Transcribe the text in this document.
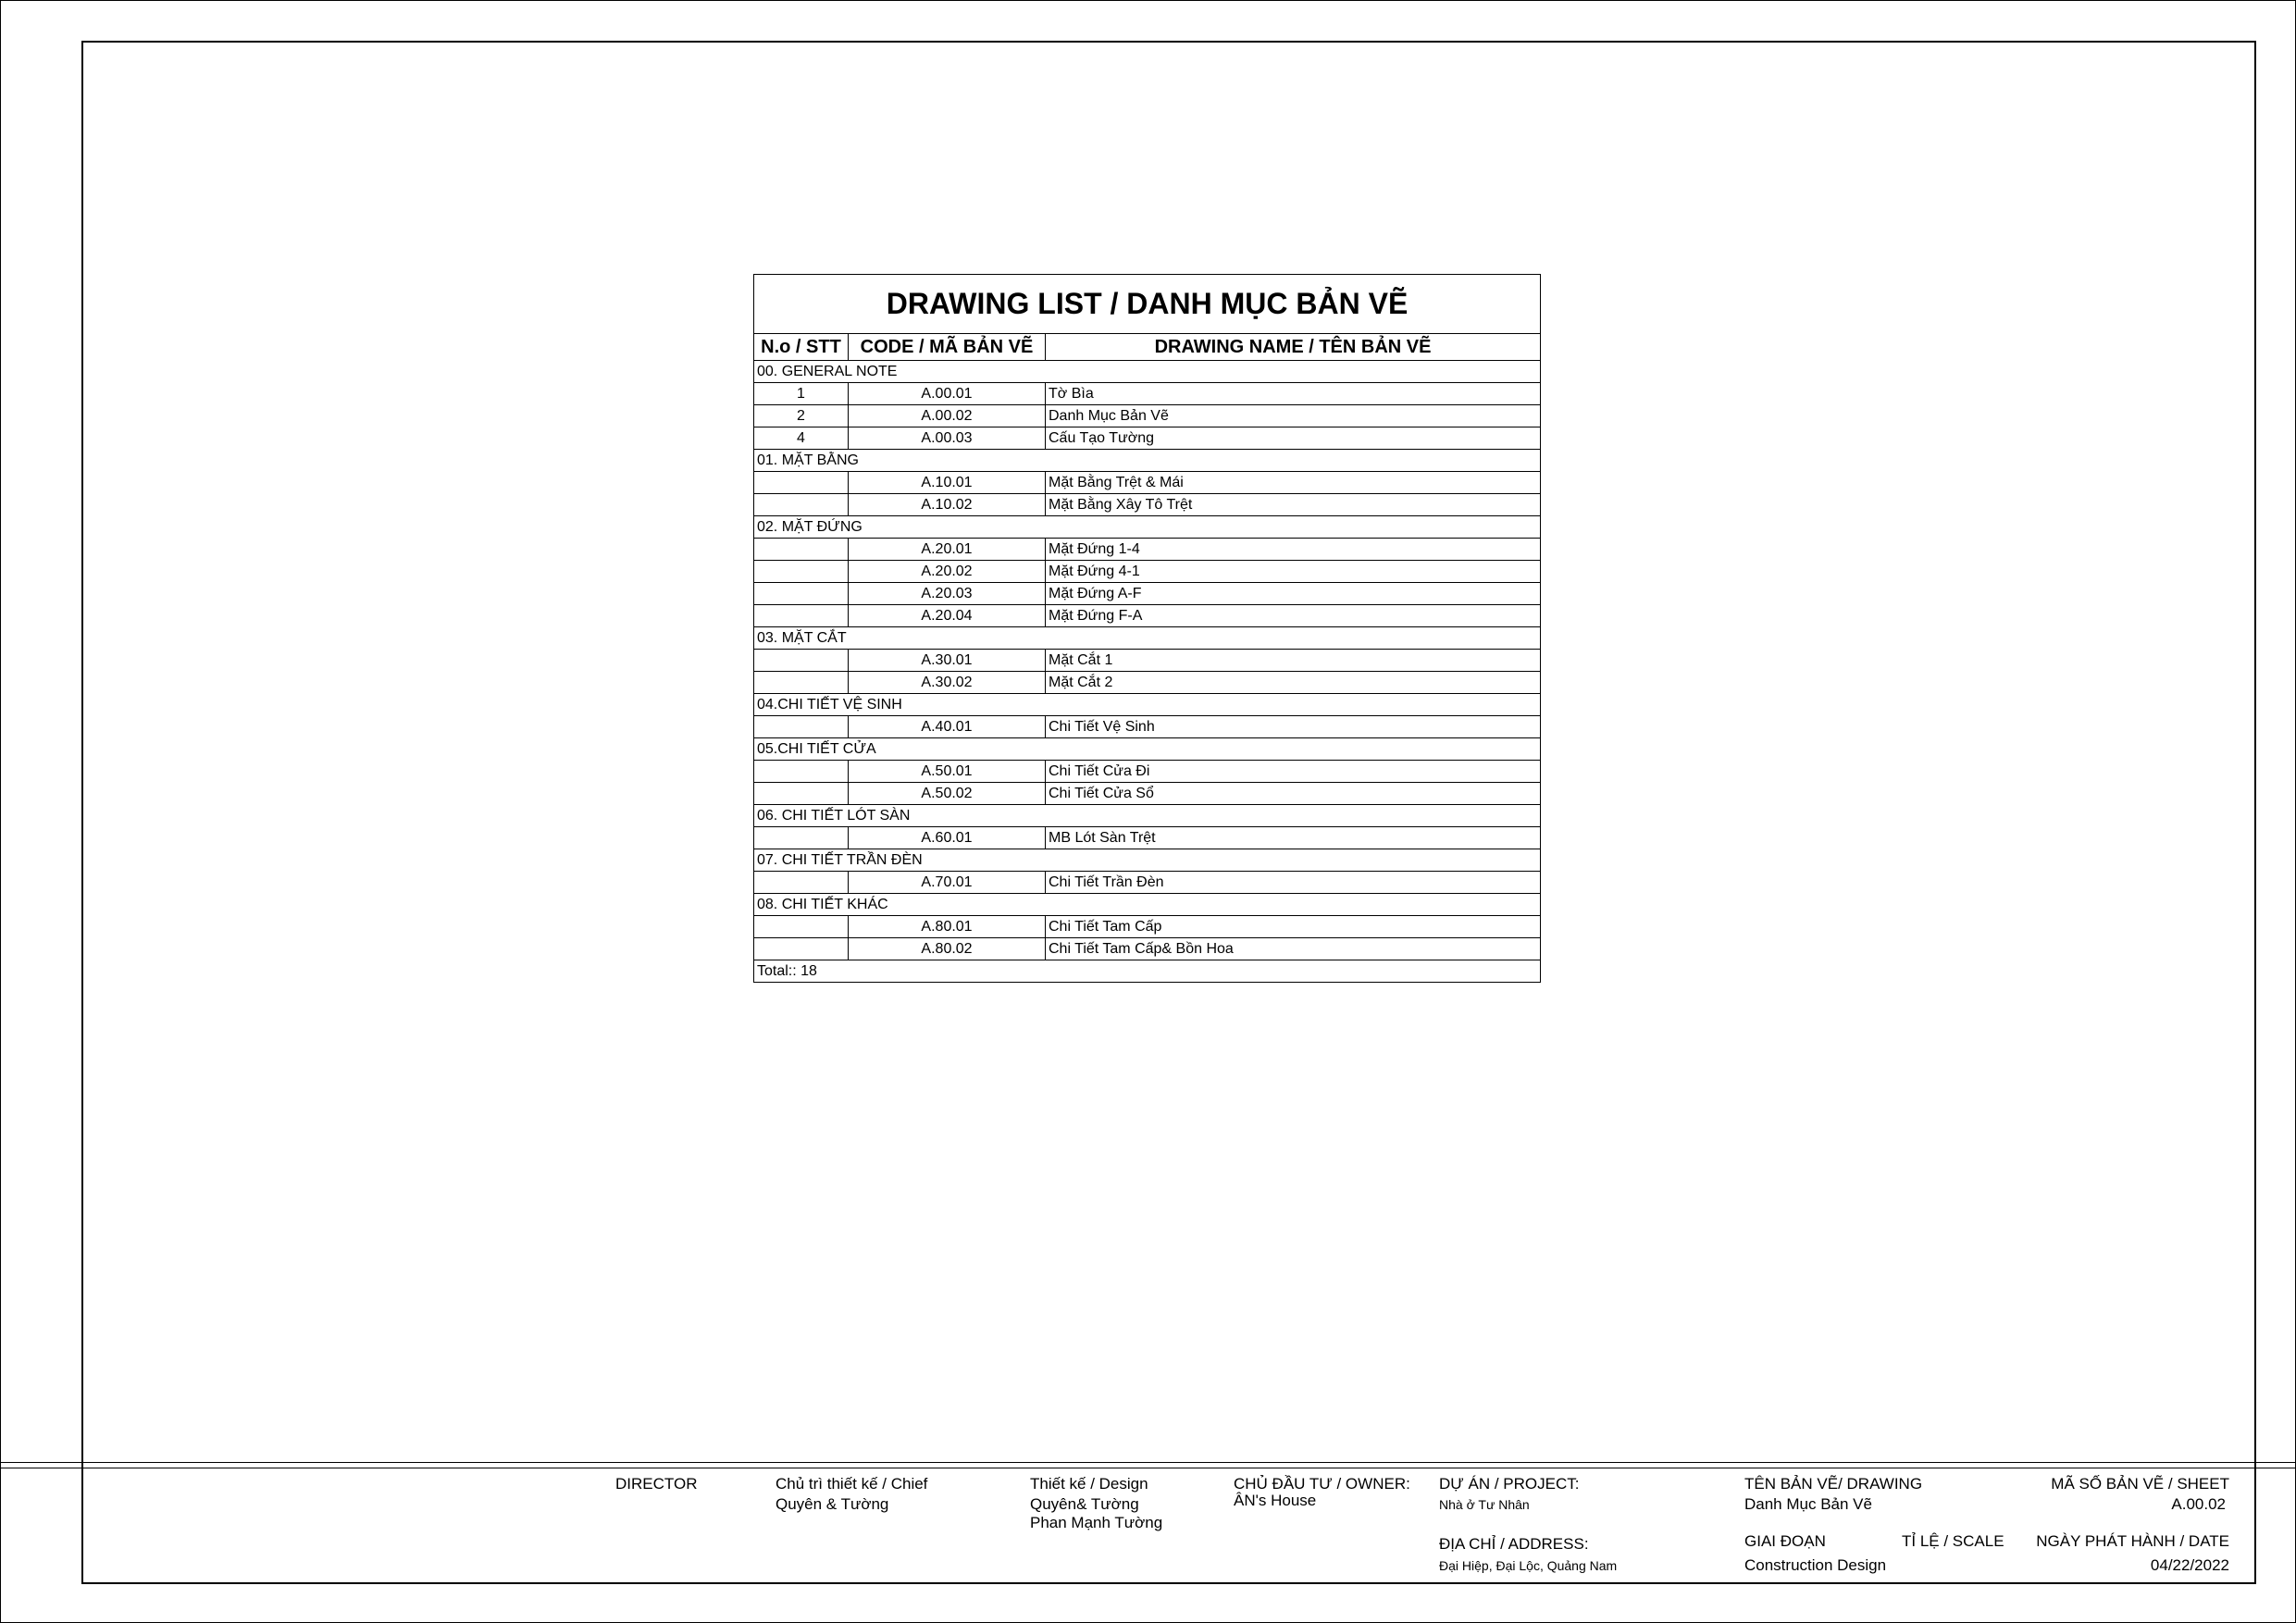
DRAWING LIST / DANH MỤC BẢN VẼ		
N.o / STT	CODE / MÃ BẢN VẼ	DRAWING NAME / TÊN BẢN VẼ
00. GENERAL NOTE		
1	A.00.01	Tờ Bìa
2	A.00.02	Danh Mục Bản Vẽ
4	A.00.03	Cấu Tạo Tường
01. MẶT BẰNG		
	A.10.01	Mặt Bằng Trệt & Mái
	A.10.02	Mặt Bằng Xây Tô Trệt
02. MẶT ĐỨNG		
	A.20.01	Mặt Đứng 1-4
	A.20.02	Mặt Đứng 4-1
	A.20.03	Mặt Đứng A-F
	A.20.04	Mặt Đứng F-A
03. MẶT CẮT		
	A.30.01	Mặt Cắt 1
	A.30.02	Mặt Cắt 2
04.CHI TIẾT VỆ SINH		
	A.40.01	Chi Tiết Vệ Sinh
05.CHI TIẾT CỬA		
	A.50.01	Chi Tiết Cửa Đi
	A.50.02	Chi Tiết Cửa Sổ
06. CHI TIẾT LÓT SÀN		
	A.60.01	MB Lót Sàn Trệt
07. CHI TIẾT TRẦN ĐÈN		
	A.70.01	Chi Tiết Trần Đèn
08. CHI TIẾT KHÁC		
	A.80.01	Chi Tiết Tam Cấp
	A.80.02	Chi Tiết Tam Cấp& Bồn Hoa
Total:: 18		
DIRECTOR	Chủ trì thiết kế / Chief
Quyên & Tường
Thiết kế / Design
Quyên& Tường
Phan Mạnh Tường
CHỦ ĐẦU TƯ / OWNER:
ÂN's House
DỰ ÁN / PROJECT:
Nhà ở Tư Nhân
ĐỊA CHỈ / ADDRESS:
Đại Hiệp, Đại Lộc, Quảng Nam
TÊN BẢN VẼ/ DRAWING
Danh Mục Bản Vẽ
GIAI ĐOẠN
Construction Design
TỈ LỆ / SCALE
MÃ SỐ BẢN VẼ / SHEET
A.00.02
NGÀY PHÁT HÀNH / DATE
04/22/2022
